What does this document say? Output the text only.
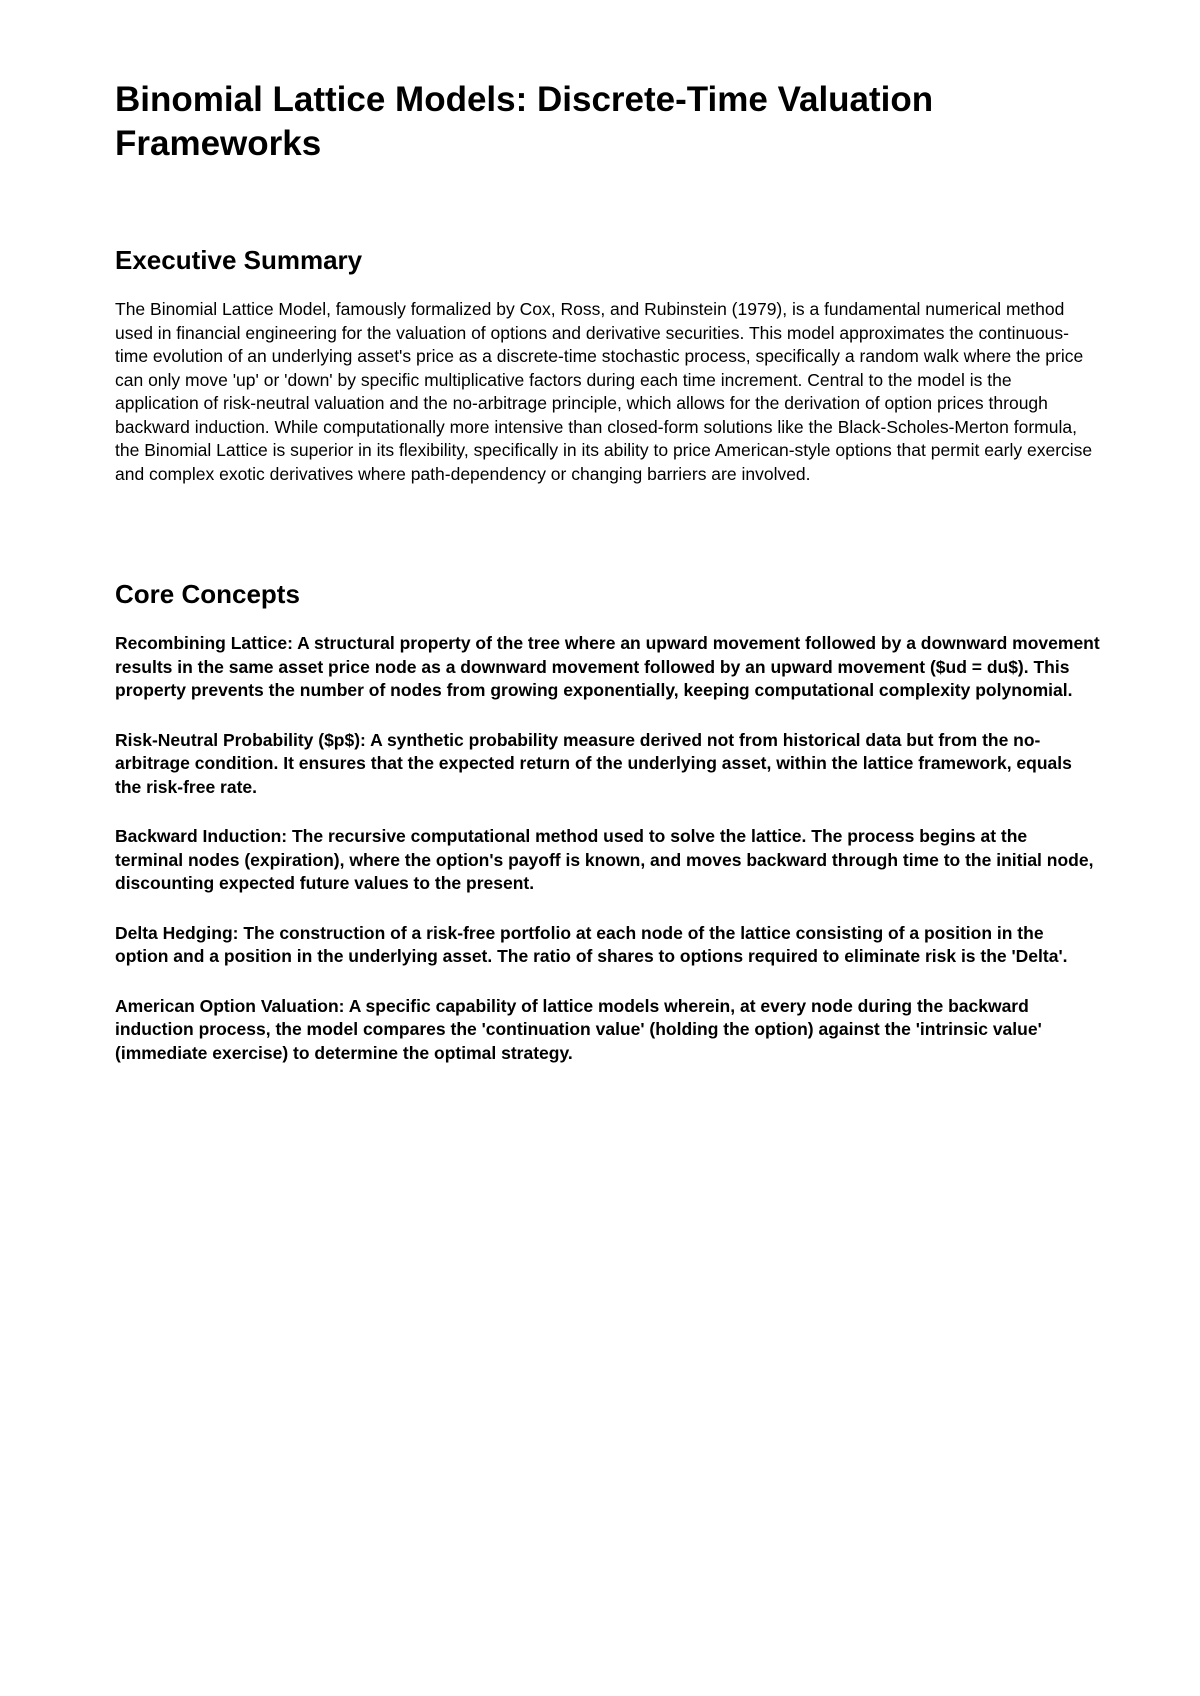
Binomial Lattice Models: Discrete-Time Valuation Frameworks
Executive Summary

The Binomial Lattice Model, famously formalized by Cox, Ross, and Rubinstein (1979), is a fundamental numerical method used in financial engineering for the valuation of options and derivative securities. This model approximates the continuous-time evolution of an underlying asset's price as a discrete-time stochastic process, specifically a random walk where the price can only move 'up' or 'down' by specific multiplicative factors during each time increment. Central to the model is the application of risk-neutral valuation and the no-arbitrage principle, which allows for the derivation of option prices through backward induction. While computationally more intensive than closed-form solutions like the Black-Scholes-Merton formula, the Binomial Lattice is superior in its flexibility, specifically in its ability to price American-style options that permit early exercise and complex exotic derivatives where path-dependency or changing barriers are involved.

Core Concepts

Recombining Lattice: A structural property of the tree where an upward movement followed by a downward movement results in the same asset price node as a downward movement followed by an upward movement ($ud = du$). This property prevents the number of nodes from growing exponentially, keeping computational complexity polynomial.

Risk-Neutral Probability ($p$): A synthetic probability measure derived not from historical data but from the no-arbitrage condition. It ensures that the expected return of the underlying asset, within the lattice framework, equals the risk-free rate.

Backward Induction: The recursive computational method used to solve the lattice. The process begins at the terminal nodes (expiration), where the option's payoff is known, and moves backward through time to the initial node, discounting expected future values to the present.

Delta Hedging: The construction of a risk-free portfolio at each node of the lattice consisting of a position in the option and a position in the underlying asset. The ratio of shares to options required to eliminate risk is the 'Delta'.

American Option Valuation: A specific capability of lattice models wherein, at every node during the backward induction process, the model compares the 'continuation value' (holding the option) against the 'intrinsic value' (immediate exercise) to determine the optimal strategy.
